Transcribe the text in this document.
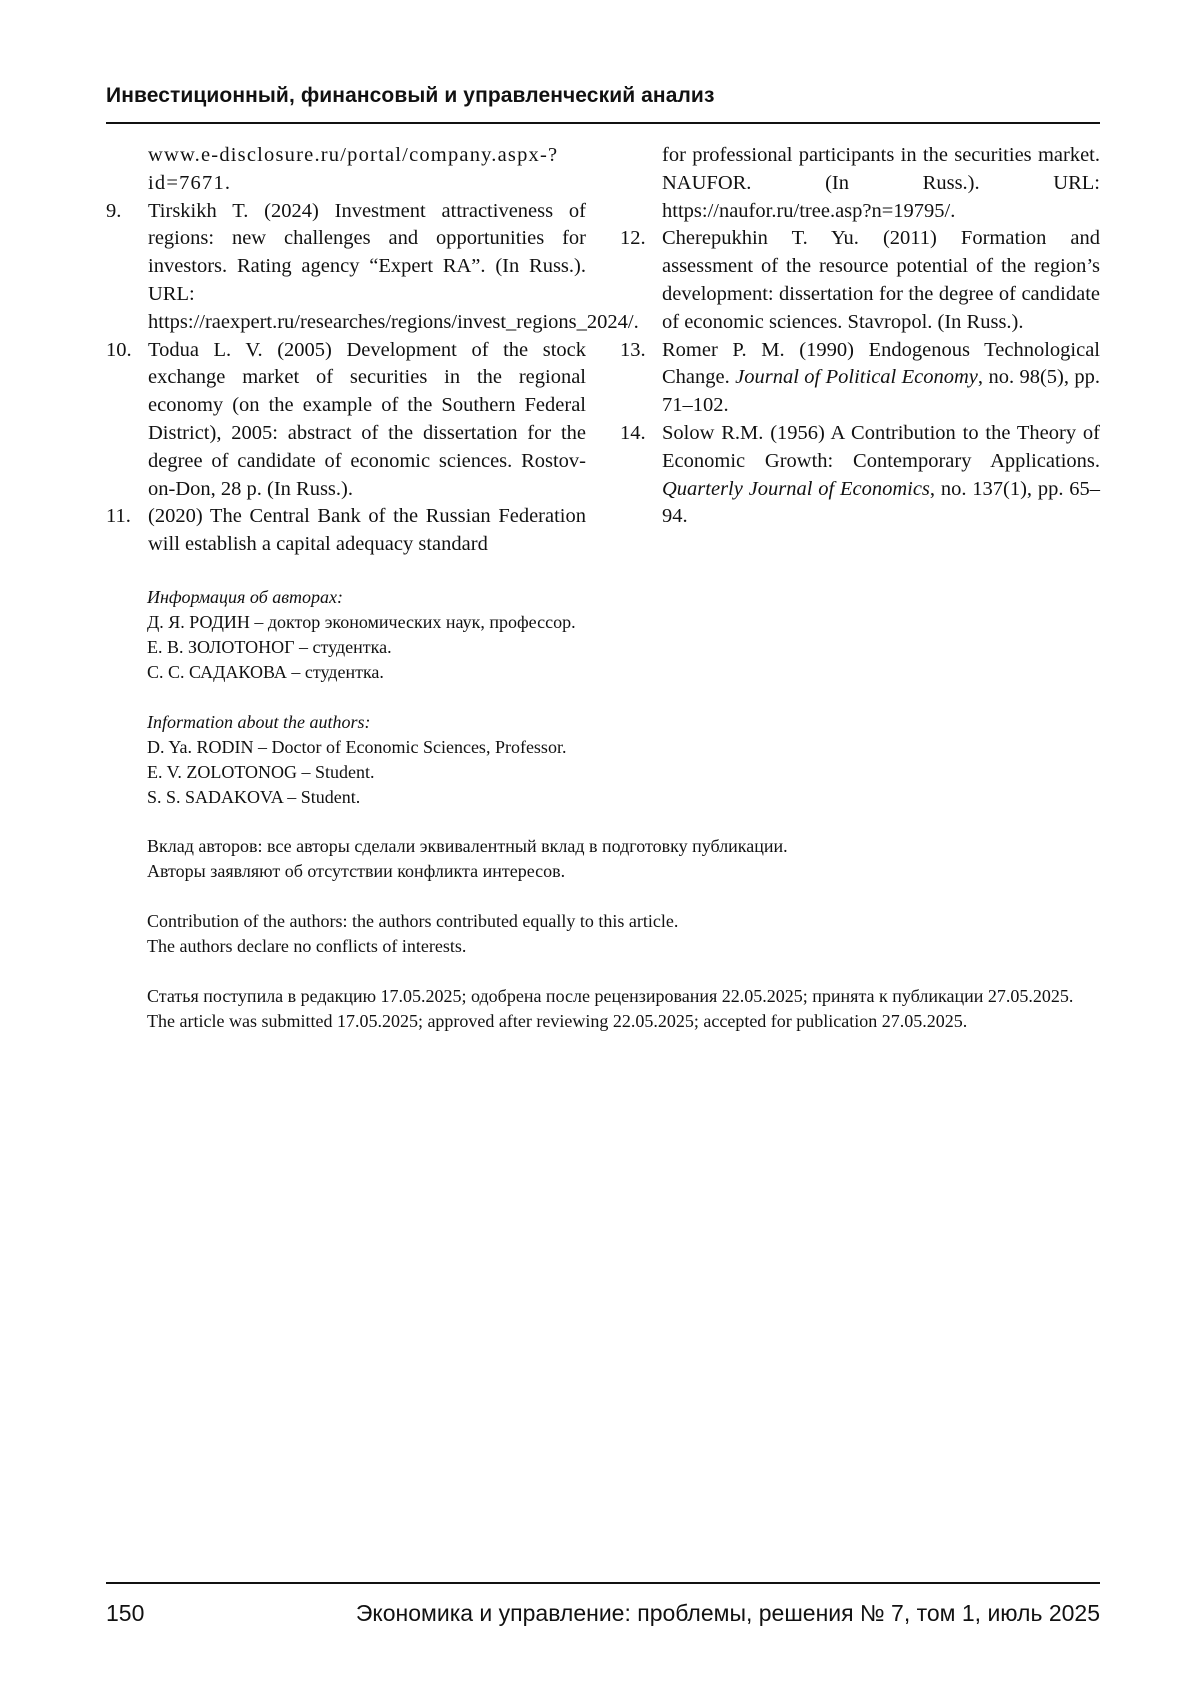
Инвестиционный, финансовый и управленческий анализ
www.e-disclosure.ru/portal/company.aspx-?id=7671.
9.	Tirskikh T. (2024) Investment attractiveness of regions: new challenges and opportunities for investors. Rating agency “Expert RA”. (In Russ.). URL: https://raexpert.ru/researches/regions/invest_regions_2024/.
10. Todua L. V. (2005) Development of the stock exchange market of securities in the regional economy (on the example of the Southern Federal District), 2005: abstract of the dissertation for the degree of candidate of economic sciences. Rostov-on-Don, 28 p. (In Russ.).
11. (2020) The Central Bank of the Russian Federation will establish a capital adequacy standard
for professional participants in the securities market. NAUFOR. (In Russ.). URL: https://naufor.ru/tree.asp?n=19795/.
12. Cherepukhin T. Yu. (2011) Formation and assessment of the resource potential of the region’s development: dissertation for the degree of candidate of economic sciences. Stavropol. (In Russ.).
13. Romer P. M. (1990) Endogenous Technological Change. Journal of Political Economy, no. 98(5), pp. 71–102.
14. Solow R.M. (1956) A Contribution to the Theory of Economic Growth: Contemporary Applications. Quarterly Journal of Economics, no. 137(1), pp. 65–94.
Информация об авторах:
Д. Я. РОДИН – доктор экономических наук, профессор.
Е. В. ЗОЛОТОНОГ – студентка.
С. С. САДАКОВА – студентка.
Information about the authors:
D. Ya. RODIN – Doctor of Economic Sciences, Professor.
E. V. ZOLOTONOG – Student.
S. S. SADAKOVA – Student.
Вклад авторов: все авторы сделали эквивалентный вклад в подготовку публикации.
Авторы заявляют об отсутствии конфликта интересов.
Contribution of the authors: the authors contributed equally to this article.
The authors declare no conflicts of interests.
Статья поступила в редакцию 17.05.2025; одобрена после рецензирования 22.05.2025; принята к публикации 27.05.2025.
The article was submitted 17.05.2025; approved after reviewing 22.05.2025; accepted for publication 27.05.2025.
150	Экономика и управление: проблемы, решения № 7, том 1, июль 2025
